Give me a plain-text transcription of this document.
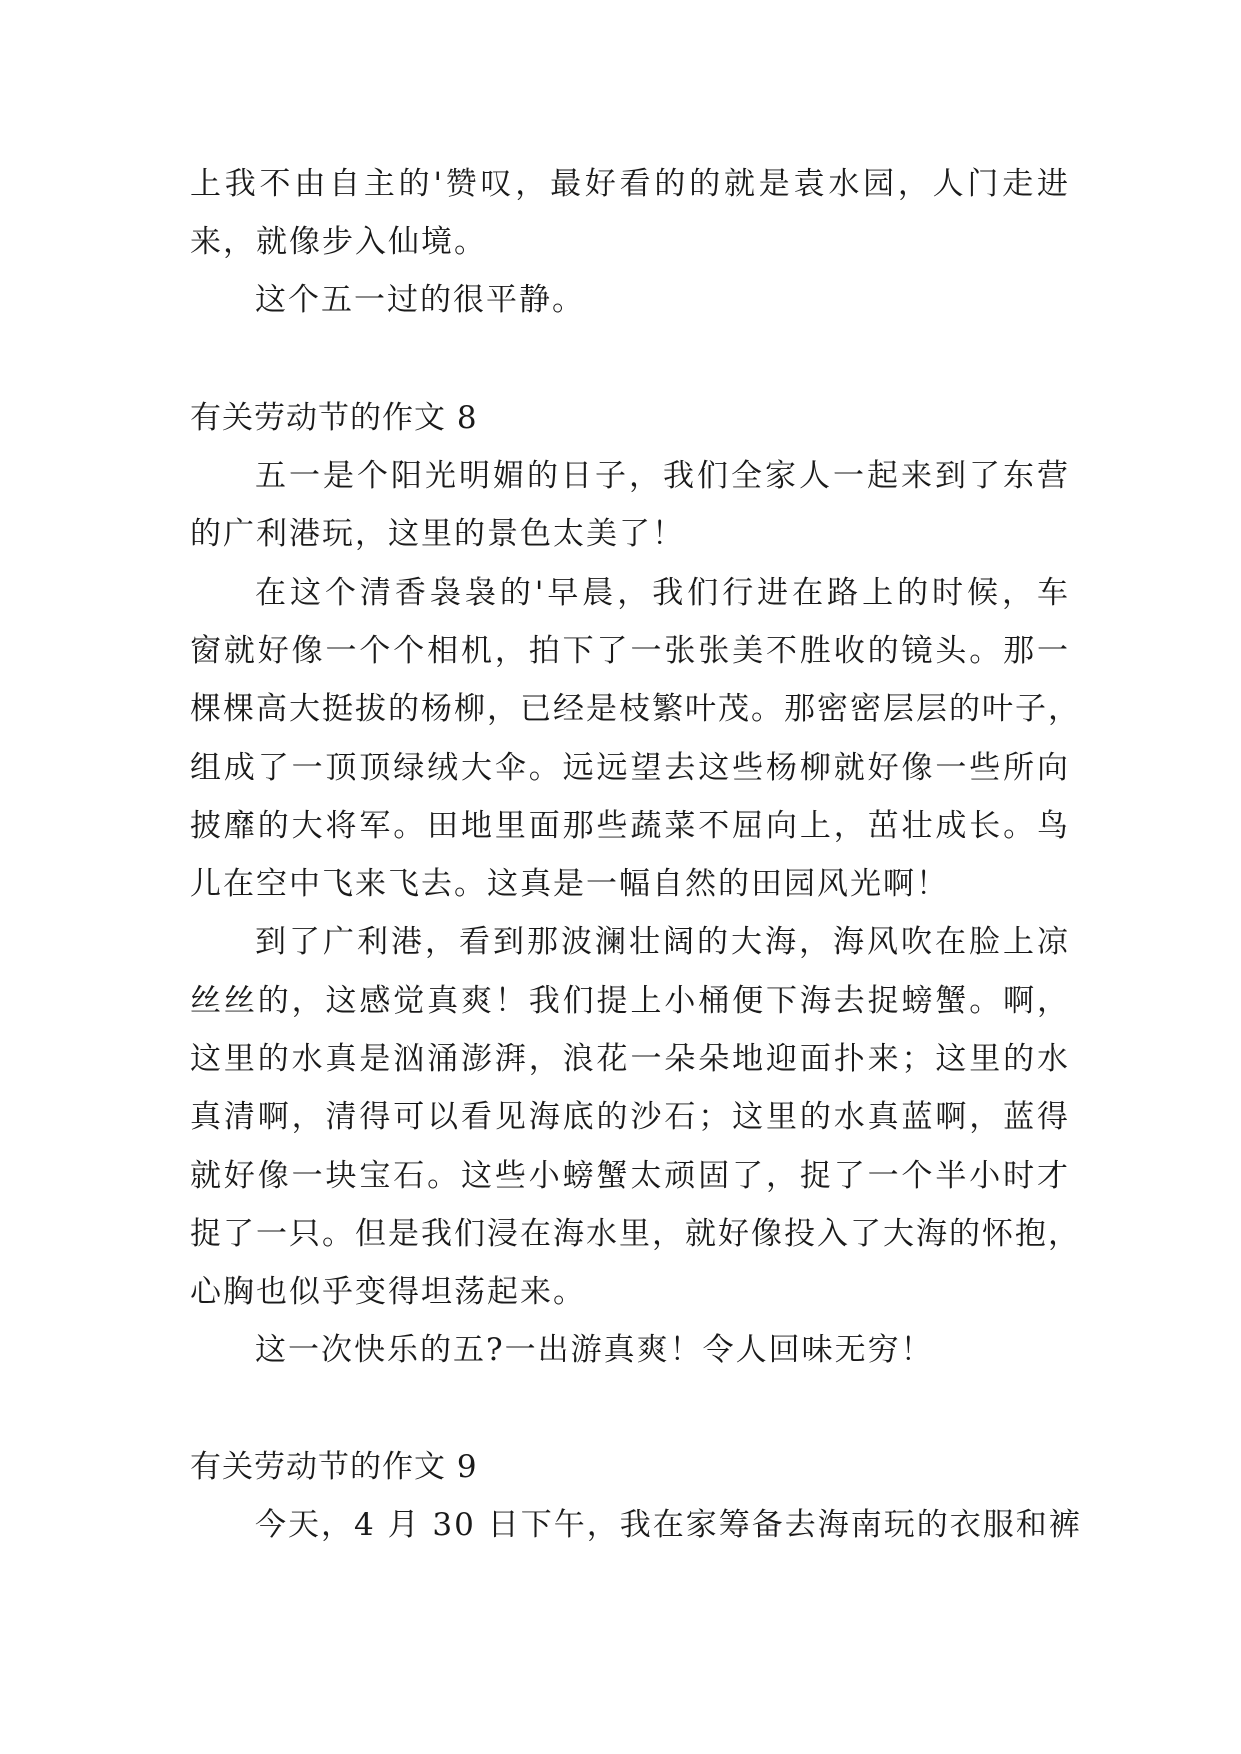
上我不由自主的'赞叹，最好看的的就是袁水园，人门走进
来，就像步入仙境。
这个五一过的很平静。
有关劳动节的作文 8
五一是个阳光明媚的日子，我们全家人一起来到了东营
的广利港玩，这里的景色太美了！
在这个清香袅袅的'早晨，我们行进在路上的时候，车
窗就好像一个个相机，拍下了一张张美不胜收的镜头。那一
棵棵高大挺拔的杨柳，已经是枝繁叶茂。那密密层层的叶子，
组成了一顶顶绿绒大伞。远远望去这些杨柳就好像一些所向
披靡的大将军。田地里面那些蔬菜不屈向上，茁壮成长。鸟
儿在空中飞来飞去。这真是一幅自然的田园风光啊！
到了广利港，看到那波澜壮阔的大海，海风吹在脸上凉
丝丝的，这感觉真爽！我们提上小桶便下海去捉螃蟹。啊，
这里的水真是汹涌澎湃，浪花一朵朵地迎面扑来；这里的水
真清啊，清得可以看见海底的沙石；这里的水真蓝啊，蓝得
就好像一块宝石。这些小螃蟹太顽固了，捉了一个半小时才
捉了一只。但是我们浸在海水里，就好像投入了大海的怀抱，
心胸也似乎变得坦荡起来。
这一次快乐的五?一出游真爽！令人回味无穷！
有关劳动节的作文 9
今天，4 月 30 日下午，我在家筹备去海南玩的衣服和裤
